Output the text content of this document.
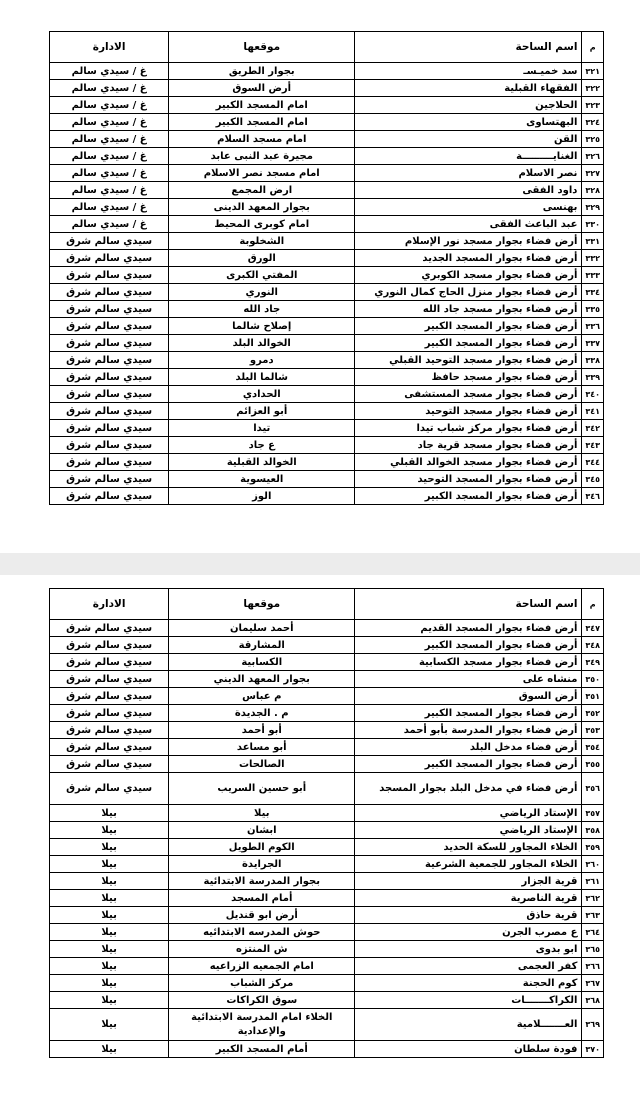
م	اسم الساحة	موقعها	الادارة
٣٢١	سد خميـسـ	بجوار الطريق	غ / سيدي سالم
٣٢٢	الفقهاء القبلية	أرض السوق	غ / سيدي سالم
٣٢٣	الحلاجين	امام المسجد الكبير	غ / سيدي سالم
٣٢٤	البهتساوى	امام المسجد الكبير	غ / سيدي سالم
٣٢٥	القن	امام مسجد السلام	غ / سيدي سالم
٣٢٦	الغنايـــــــــة	مجيرة عبد النبى عابد	غ / سيدي سالم
٣٢٧	نصر الاسلام	امام مسجد نصر الاسلام	غ / سيدي سالم
٣٢٨	داود الفقى	ارض المجمع	غ / سيدي سالم
٣٢٩	بهنسى	بجوار المعهد الدينى	غ / سيدي سالم
٣٣٠	عبد الباعث الفقى	امام كوبرى المحيط	غ / سيدي سالم
٣٣١	أرض فضاء بجوار مسجد نور الإسلام	الشخلوبة	سيدي سالم شرق
٣٣٢	أرض فضاء بجوار المسجد الجديد	الورق	سيدي سالم شرق
٣٣٣	أرض فضاء بجوار مسجد الكوبري	المفتي الكبرى	سيدي سالم شرق
٣٣٤	أرض فضاء بجوار منزل الحاج كمال النوري	النوري	سيدي سالم شرق
٣٣٥	أرض فضاء بجوار مسجد جاد الله	جاد الله	سيدي سالم شرق
٣٣٦	أرض فضاء بجوار المسجد الكبير	إصلاح شالما	سيدي سالم شرق
٣٣٧	أرض فضاء بجوار المسجد الكبير	الخوالد البلد	سيدي سالم شرق
٣٣٨	أرض فضاء بجوار مسجد التوحيد القبلي	دمرو	سيدي سالم شرق
٣٣٩	أرض فضاء بجوار مسجد حافظ	شالما البلد	سيدي سالم شرق
٣٤٠	أرض فضاء بجوار مسجد المستشفى	الحدادي	سيدي سالم شرق
٣٤١	أرض فضاء بجوار مسجد التوحيد	أبو العزائم	سيدي سالم شرق
٣٤٢	أرض فضاء بجوار مركز شباب تيدا	تيدا	سيدي سالم شرق
٣٤٣	أرض فضاء بجوار مسجد قرية جاد	ع جاد	سيدي سالم شرق
٣٤٤	أرض فضاء بجوار مسجد الخوالد القبلي	الخوالد القبلية	سيدي سالم شرق
٣٤٥	أرض فضاء بجوار المسجد التوحيد	العيسوية	سيدي سالم شرق
٣٤٦	أرض فضاء بجوار المسجد الكبير	الوز	سيدي سالم شرق
م	اسم الساحة	موقعها	الادارة
٣٤٧	أرض فضاء بجوار المسجد القديم	أحمد سليمان	سيدي سالم شرق
٣٤٨	أرض فضاء بجوار المسجد الكبير	المشارقة	سيدي سالم شرق
٣٤٩	أرض فضاء بجوار مسجد الكسابية	الكسابية	سيدي سالم شرق
٣٥٠	منشاه على	بجوار المعهد الديني	سيدي سالم شرق
٣٥١	أرض السوق	م عباس	سيدي سالم شرق
٣٥٢	أرض فضاء بجوار المسجد الكبير	م . الجديدة	سيدي سالم شرق
٣٥٣	أرض فضاء بجوار المدرسة بأبو أحمد	أبو أحمد	سيدي سالم شرق
٣٥٤	أرض فضاء مدخل البلد	أبو مساعد	سيدي سالم شرق
٣٥٥	أرض فضاء بجوار المسجد الكبير	الصالحات	سيدي سالم شرق
٣٥٦	أرض فضاء في مدخل البلد بجوار المسجد	أبو حسين السريب	سيدي سالم شرق
٣٥٧	الإستاد الرياضي	بيلا	بيلا
٣٥٨	الإستاد الرياضي	ابشان	بيلا
٣٥٩	الخلاء المجاور للسكة الحديد	الكوم الطويل	بيلا
٣٦٠	الخلاء المجاور للجمعية الشرعية	الجرايدة	بيلا
٣٦١	قرية الجزار	بجوار المدرسة الابتدائية	بيلا
٣٦٢	قرية الناصرية	أمام المسجد	بيلا
٣٦٣	قرية حاذق	أرض ابو قنديل	بيلا
٣٦٤	ع مصرب الجرن	حوش المدرسه الابتدائيه	بيلا
٣٦٥	ابو بدوى	ش المنتزه	بيلا
٣٦٦	كفر العجمى	امام الجمعيه الزراعيه	بيلا
٣٦٧	كوم الحجنة	مركز الشباب	بيلا
٣٦٨	الكراكـــــــات	سوق الكراكات	بيلا
٣٦٩	العـــــــلامية	الخلاء امام المدرسة الابتدائية والإعدادية	بيلا
٣٧٠	فودة سلطان	أمام المسجد الكبير	بيلا
